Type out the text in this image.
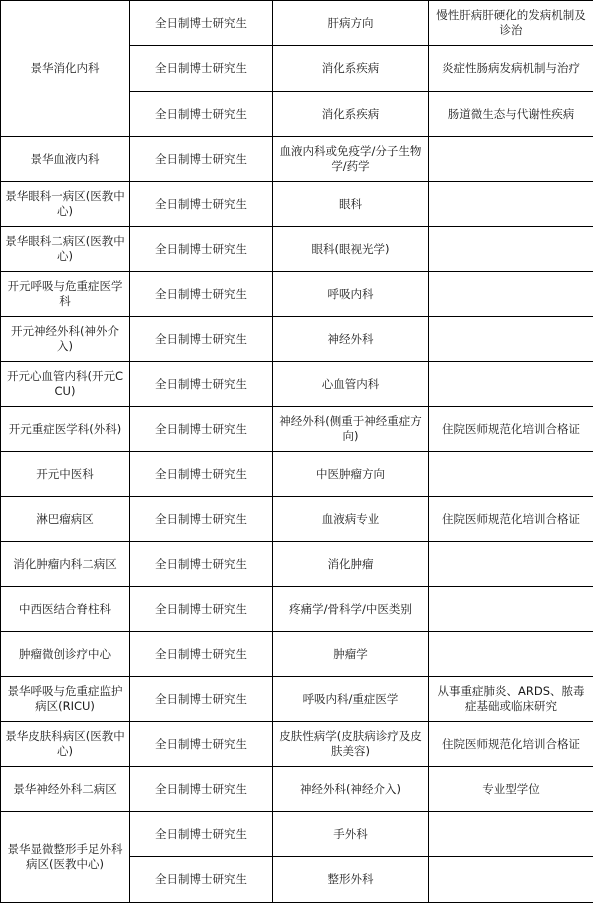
景华消化内科	全日制博士研究生	肝病方向	慢性肝病肝硬化的发病机制及诊治
	全日制博士研究生	消化系疾病	炎症性肠病发病机制与治疗
	全日制博士研究生	消化系疾病	肠道微生态与代谢性疾病
景华血液内科	全日制博士研究生	血液内科或免疫学/分子生物学/药学	
景华眼科一病区(医教中心)	全日制博士研究生	眼科	
景华眼科二病区(医教中心)	全日制博士研究生	眼科(眼视光学)	
开元呼吸与危重症医学科	全日制博士研究生	呼吸内科	
开元神经外科(神外介入)	全日制博士研究生	神经外科	
开元心血管内科(开元CCU)	全日制博士研究生	心血管内科	
开元重症医学科(外科)	全日制博士研究生	神经外科(侧重于神经重症方向)	住院医师规范化培训合格证
开元中医科	全日制博士研究生	中医肿瘤方向	
淋巴瘤病区	全日制博士研究生	血液病专业	住院医师规范化培训合格证
消化肿瘤内科二病区	全日制博士研究生	消化肿瘤	
中西医结合脊柱科	全日制博士研究生	疼痛学/骨科学/中医类别	
肿瘤微创诊疗中心	全日制博士研究生	肿瘤学	
景华呼吸与危重症监护病区(RICU)	全日制博士研究生	呼吸内科/重症医学	从事重症肺炎、ARDS、脓毒症基础或临床研究
景华皮肤科病区(医教中心)	全日制博士研究生	皮肤性病学(皮肤病诊疗及皮肤美容)	住院医师规范化培训合格证
景华神经外科二病区	全日制博士研究生	神经外科(神经介入)	专业型学位
景华显微整形手足外科病区(医教中心)	全日制博士研究生	手外科	
	全日制博士研究生	整形外科	
